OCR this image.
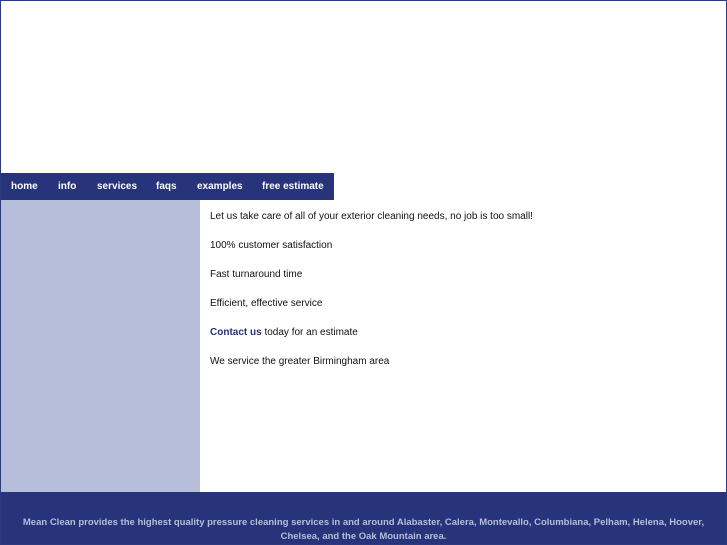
home info services faqs examples free estimate

Let us take care of all of your exterior cleaning needs, no job is too small!

100% customer satisfaction

Fast turnaround time

Efficient, effective service

Contact us today for an estimate

We service the greater Birmingham area

Mean Clean provides the highest quality pressure cleaning services in and around Alabaster, Calera, Montevallo, Columbiana, Pelham, Helena, Hoover, Chelsea, and the Oak Mountain area.
